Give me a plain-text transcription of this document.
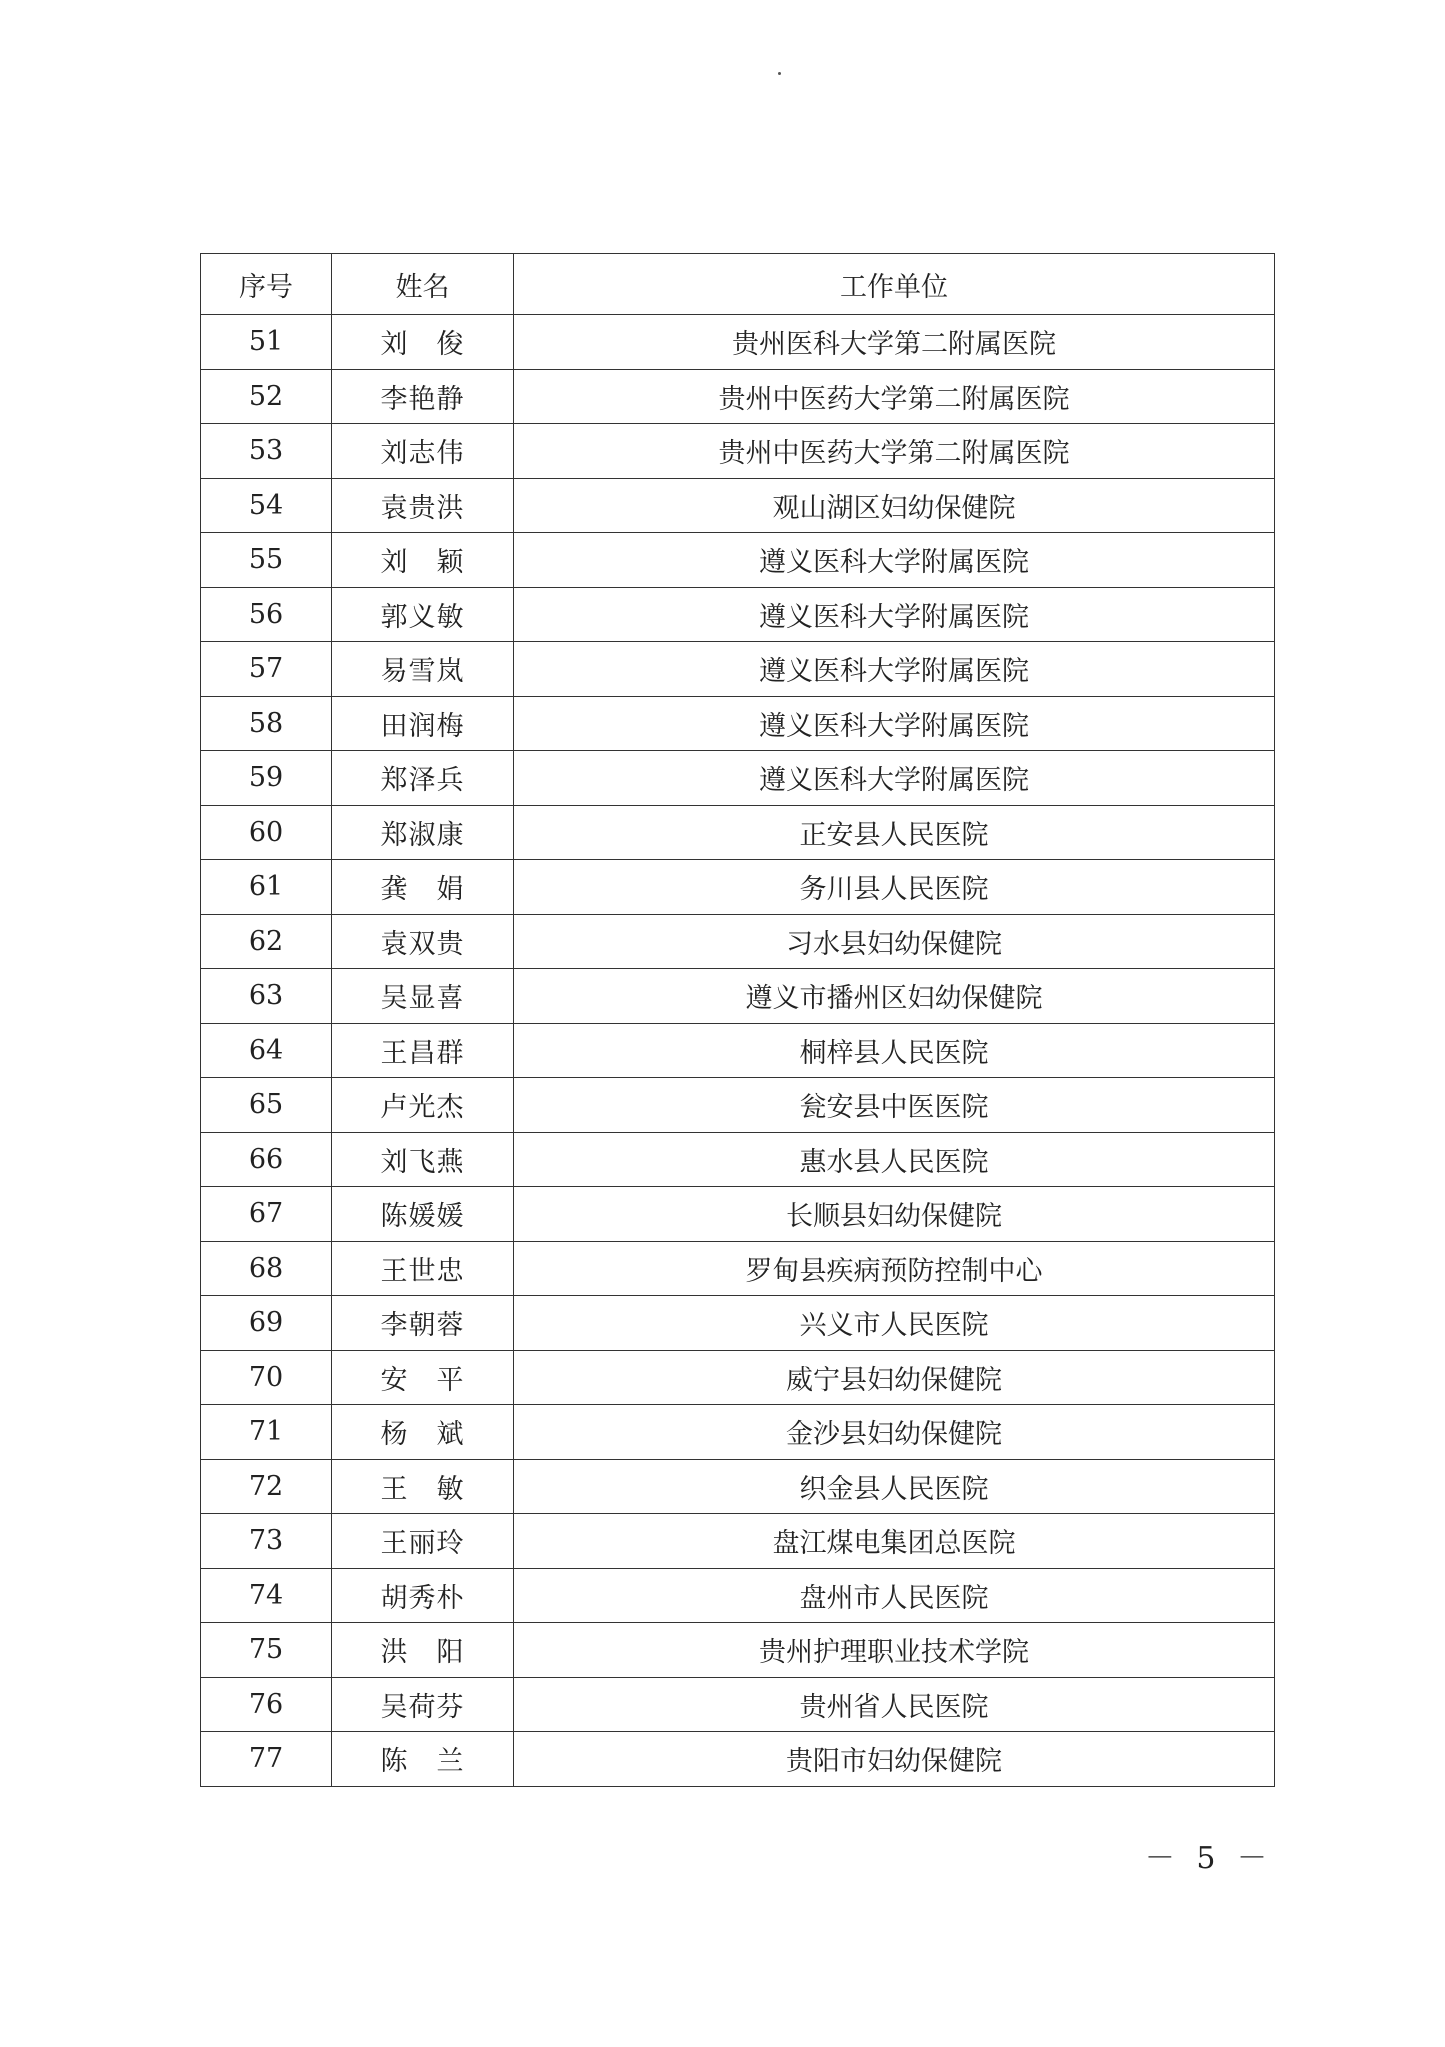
序号	姓名	工作单位
51	刘　俊	贵州医科大学第二附属医院
52	李艳静	贵州中医药大学第二附属医院
53	刘志伟	贵州中医药大学第二附属医院
54	袁贵洪	观山湖区妇幼保健院
55	刘　颖	遵义医科大学附属医院
56	郭义敏	遵义医科大学附属医院
57	易雪岚	遵义医科大学附属医院
58	田润梅	遵义医科大学附属医院
59	郑泽兵	遵义医科大学附属医院
60	郑淑康	正安县人民医院
61	龚　娟	务川县人民医院
62	袁双贵	习水县妇幼保健院
63	吴显喜	遵义市播州区妇幼保健院
64	王昌群	桐梓县人民医院
65	卢光杰	瓮安县中医医院
66	刘飞燕	惠水县人民医院
67	陈媛媛	长顺县妇幼保健院
68	王世忠	罗甸县疾病预防控制中心
69	李朝蓉	兴义市人民医院
70	安　平	威宁县妇幼保健院
71	杨　斌	金沙县妇幼保健院
72	王　敏	织金县人民医院
73	王丽玲	盘江煤电集团总医院
74	胡秀朴	盘州市人民医院
75	洪　阳	贵州护理职业技术学院
76	吴荷芬	贵州省人民医院
77	陈　兰	贵阳市妇幼保健院
－ 5 －
